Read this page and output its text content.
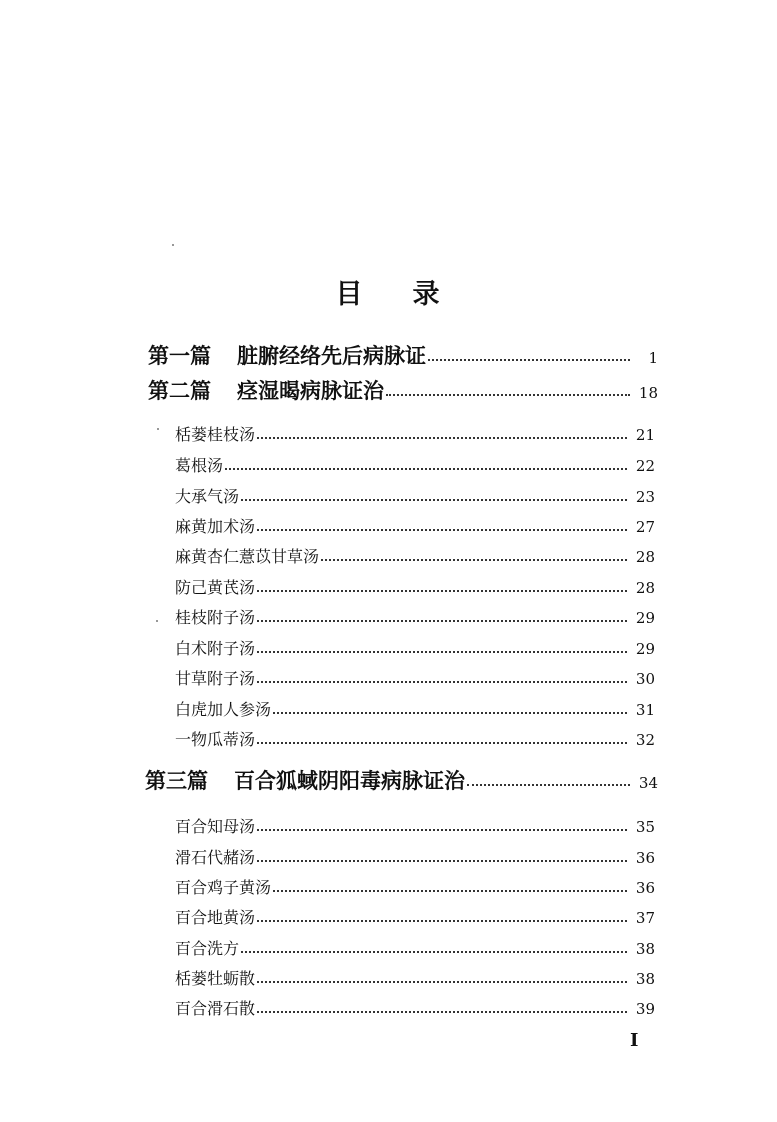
目 录
第一篇 脏腑经络先后病脉证	1
第二篇 痉湿暍病脉证治	18
栝蒌桂枝汤	21
葛根汤	22
大承气汤	23
麻黄加术汤	27
麻黄杏仁薏苡甘草汤	28
防己黄芪汤	28
桂枝附子汤	29
白术附子汤	29
甘草附子汤	30
白虎加人参汤	31
一物瓜蒂汤	32
第三篇 百合狐蜮阴阳毒病脉证治	34
百合知母汤	35
滑石代赭汤	36
百合鸡子黄汤	36
百合地黄汤	37
百合洗方	38
栝蒌牡蛎散	38
百合滑石散	39
I
